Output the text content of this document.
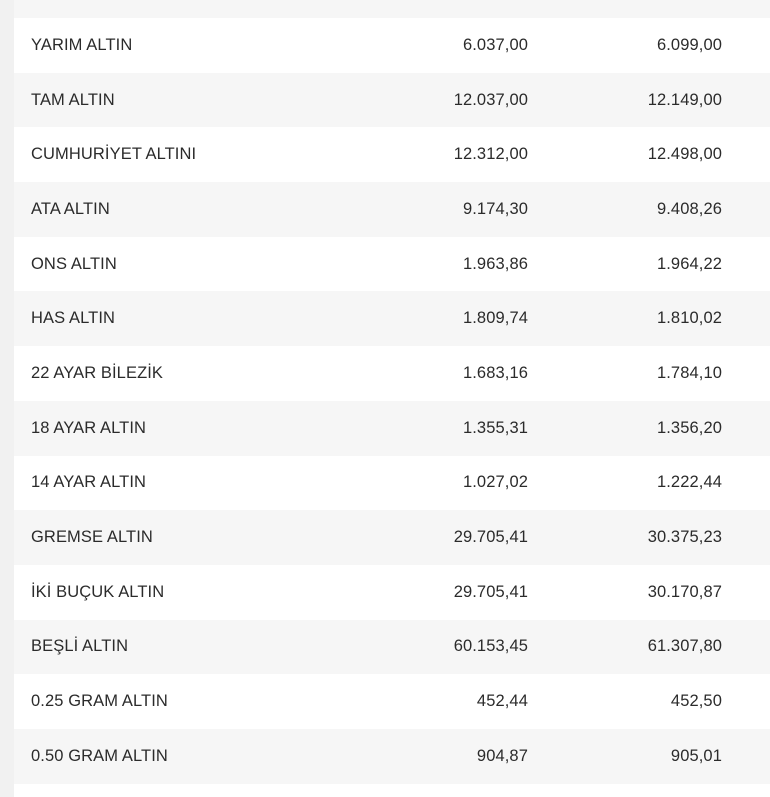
YARIM ALTIN	6.037,00	6.099,00
TAM ALTIN	12.037,00	12.149,00
CUMHURİYET ALTINI	12.312,00	12.498,00
ATA ALTIN	9.174,30	9.408,26
ONS ALTIN	1.963,86	1.964,22
HAS ALTIN	1.809,74	1.810,02
22 AYAR BİLEZİK	1.683,16	1.784,10
18 AYAR ALTIN	1.355,31	1.356,20
14 AYAR ALTIN	1.027,02	1.222,44
GREMSE ALTIN	29.705,41	30.375,23
İKİ BUÇUK ALTIN	29.705,41	30.170,87
BEŞLİ ALTIN	60.153,45	61.307,80
0.25 GRAM ALTIN	452,44	452,50
0.50 GRAM ALTIN	904,87	905,01
